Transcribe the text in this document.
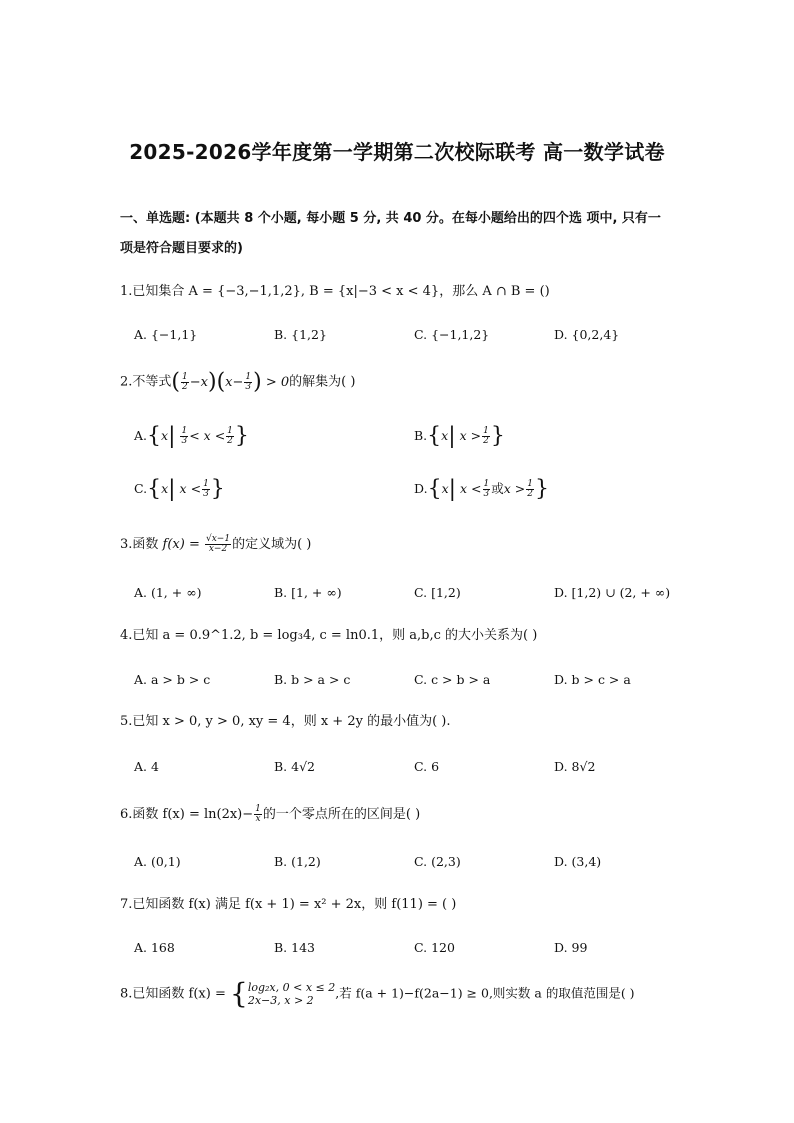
2025-2026学年度第一学期第二次校际联考 高一数学试卷
一、单选题: (本题共 8 个小题, 每小题 5 分, 共 40 分。在每小题给出的四个选 项中, 只有一
项是符合题目要求的)
1.已知集合 A = {−3,−1,1,2}, B = {x|−3 < x < 4}，那么 A ∩ B = ()
A. {−1,1}	B. {1,2}	C. {−1,1,2}	D. {0,2,4}
2.不等式( $\frac{1}{2} -x)(x- \frac{1}{3}$ ) > 0的解集为( )
$A.\{x| \frac{1}{3} < x < \frac{1}{2}$ }	B.{x| $x > \frac{1}{2}$ }
C.{x| $x < \frac{1}{3}$ }	D.{x| $x < \frac{1}{3}$ 或$x > \frac{1}{2}$ }
3.函数 $f(x) = \frac{√x-1}{x-2}$ 的定义域为( )
A. (1, + ∞)	B. [1, + ∞)	C. [1,2)	D. [1,2) ∪ (2, + ∞)
4.已知 a = 0.9^1.2, b = log₃4, c = ln0.1，则 a,b,c 的大小关系为( )
A. a > b > c	B. b > a > c	C. c > b > a	D. b > c > a
5.已知 x > 0, y > 0, xy = 4，则 x + 2y 的最小值为( ).
A. 4	B. 4√2	C. 6	D. 8√2
6.函数 $f(x) = \ln(2x)- \frac{1}{x}$ 的一个零点所在的区间是( )
A. (0,1)	B. (1,2)	C. (2,3)	D. (3,4)
7.已知函数 f(x) 满足 f(x + 1) = x² + 2x，则 f(11) = ( )
A. 168	B. 143	C. 120	D. 99
8.已知函数 f(x) = { log₂x, 0 < x ≤ 2
2x−3, x > 2	,若 f(a + 1)−f(2a−1) ≥ 0,则实数 a 的取值范围是( )
